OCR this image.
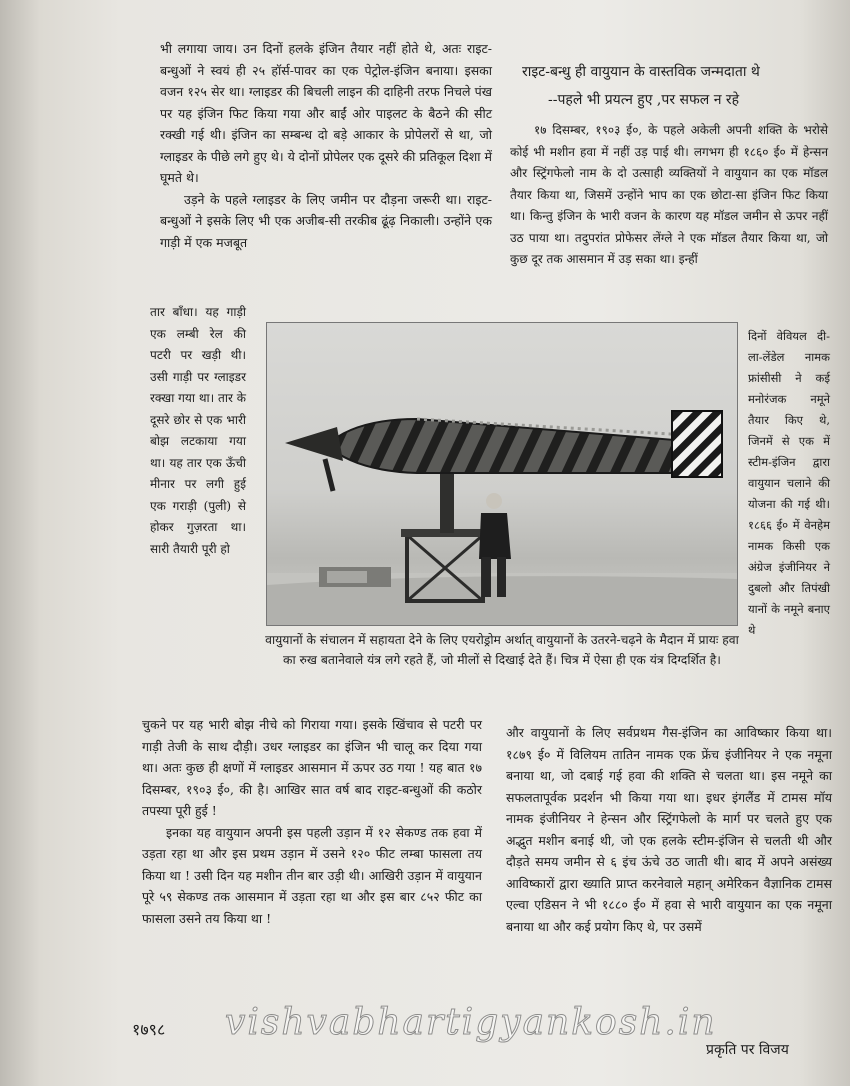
भी लगाया जाय। उन दिनों हलके इंजिन तैयार नहीं होते थे, अतः राइट-बन्धुओं ने स्वयं ही २५ हॉर्स-पावर का एक पेट्रोल-इंजिन बनाया। इसका वजन १२५ सेर था। ग्लाइडर की बिचली लाइन की दाहिनी तरफ निचले पंख पर यह इंजिन फिट किया गया और बाईं ओर पाइलट के बैठने की सीट रक्खी गई थी। इंजिन का सम्बन्ध दो बड़े आकार के प्रोपेलरों से था, जो ग्लाइडर के पीछे लगे हुए थे। ये दोनों प्रोपेलर एक दूसरे की प्रतिकूल दिशा में घूमते थे।

उड़ने के पहले ग्लाइडर के लिए जमीन पर दौड़ना जरूरी था। राइट-बन्धुओं ने इसके लिए भी एक अजीब-सी तरकीब ढूंढ़ निकाली। उन्होंने एक गाड़ी में एक मजबूत

तार बाँधा। यह गाड़ी एक लम्बी रेल की पटरी पर खड़ी थी। उसी गाड़ी पर ग्लाइडर रक्खा गया था। तार के दूसरे छोर से एक भारी बोझ लटकाया गया था। यह तार एक ऊँची मीनार पर लगी हुई एक गराड़ी (पुली) से होकर गुज़रता था। सारी तैयारी पूरी हो

चुकने पर यह भारी बोझ नीचे को गिराया गया। इसके खिंचाव से पटरी पर गाड़ी तेजी के साथ दौड़ी। उधर ग्लाइडर का इंजिन भी चालू कर दिया गया था। अतः कुछ ही क्षणों में ग्लाइडर आसमान में ऊपर उठ गया ! यह बात १७ दिसम्बर, १९०३ ई०, की है। आखिर सात वर्ष बाद राइट-बन्धुओं की कठोर तपस्या पूरी हुई !

इनका यह वायुयान अपनी इस पहली उड़ान में १२ सेकण्ड तक हवा में उड़ता रहा था और इस प्रथम उड़ान में उसने १२० फीट लम्बा फासला तय किया था ! उसी दिन यह मशीन तीन बार उड़ी थी। आखिरी उड़ान में वायुयान पूरे ५९ सेकण्ड तक आसमान में उड़ता रहा था और इस बार ८५२ फीट का फासला उसने तय किया था !

राइट-बन्धु ही वायुयान के वास्तविक जन्मदाता थे
--पहले भी प्रयत्न हुए ,पर सफल न रहे

१७ दिसम्बर, १९०३ ई०, के पहले अकेली अपनी शक्ति के भरोसे कोई भी मशीन हवा में नहीं उड़ पाई थी। लगभग ही १८६० ई० में हेन्सन और स्ट्रिंगफेलो नाम के दो उत्साही व्यक्तियों ने वायुयान का एक मॉडल तैयार किया था, जिसमें उन्होंने भाप का एक छोटा-सा इंजिन फिट किया था। किन्तु इंजिन के भारी वजन के कारण यह मॉडल जमीन से ऊपर नहीं उठ पाया था। तदुपरांत प्रोफेसर लेंग्ले ने एक मॉडल तैयार किया था, जो कुछ दूर तक आसमान में उड़ सका था। इन्हीं

दिनों वेवियल दी-ला-लेंडेल नामक फ्रांसीसी ने कई मनोरंजक नमूने तैयार किए थे, जिनमें से एक में स्टीम-इंजिन द्वारा वायुयान चलाने की योजना की गई थी। १८६६ ई० में वेनहेम नामक किसी एक अंग्रेज इंजीनियर ने दुबलो और तिपंखी यानों के नमूने बनाए थे

और वायुयानों के लिए सर्वप्रथम गैस-इंजिन का आविष्कार किया था। १८७९ ई० में विलियम तातिन नामक एक फ्रेंच इंजीनियर ने एक नमूना बनाया था, जो दबाई गई हवा की शक्ति से चलता था। इस नमूने का सफलतापूर्वक प्रदर्शन भी किया गया था। इधर इंगलैंड में टामस मॉय नामक इंजीनियर ने हेन्सन और स्ट्रिंगफेलो के मार्ग पर चलते हुए एक अद्भुत मशीन बनाई थी, जो एक हलके स्टीम-इंजिन से चलती थी और दौड़ते समय जमीन से ६ इंच ऊंचे उठ जाती थी। बाद में अपने असंख्य आविष्कारों द्वारा ख्याति प्राप्त करनेवाले महान् अमेरिकन वैज्ञानिक टामस एल्वा एडिसन ने भी १८८० ई० में हवा से भारी वायुयान का एक नमूना बनाया था और कई प्रयोग किए थे, पर उसमें

वायुयानों के संचालन में सहायता देने के लिए एयरोड्रोम अर्थात् वायुयानों के उतरने-चढ़ने के मैदान में प्रायः हवा का रुख बतानेवाले यंत्र लगे रहते हैं, जो मीलों से दिखाई देते हैं। चित्र में ऐसा ही एक यंत्र दिग्दर्शित है।
vishvabhartigyankosh.in
१७९८
प्रकृति पर विजय
